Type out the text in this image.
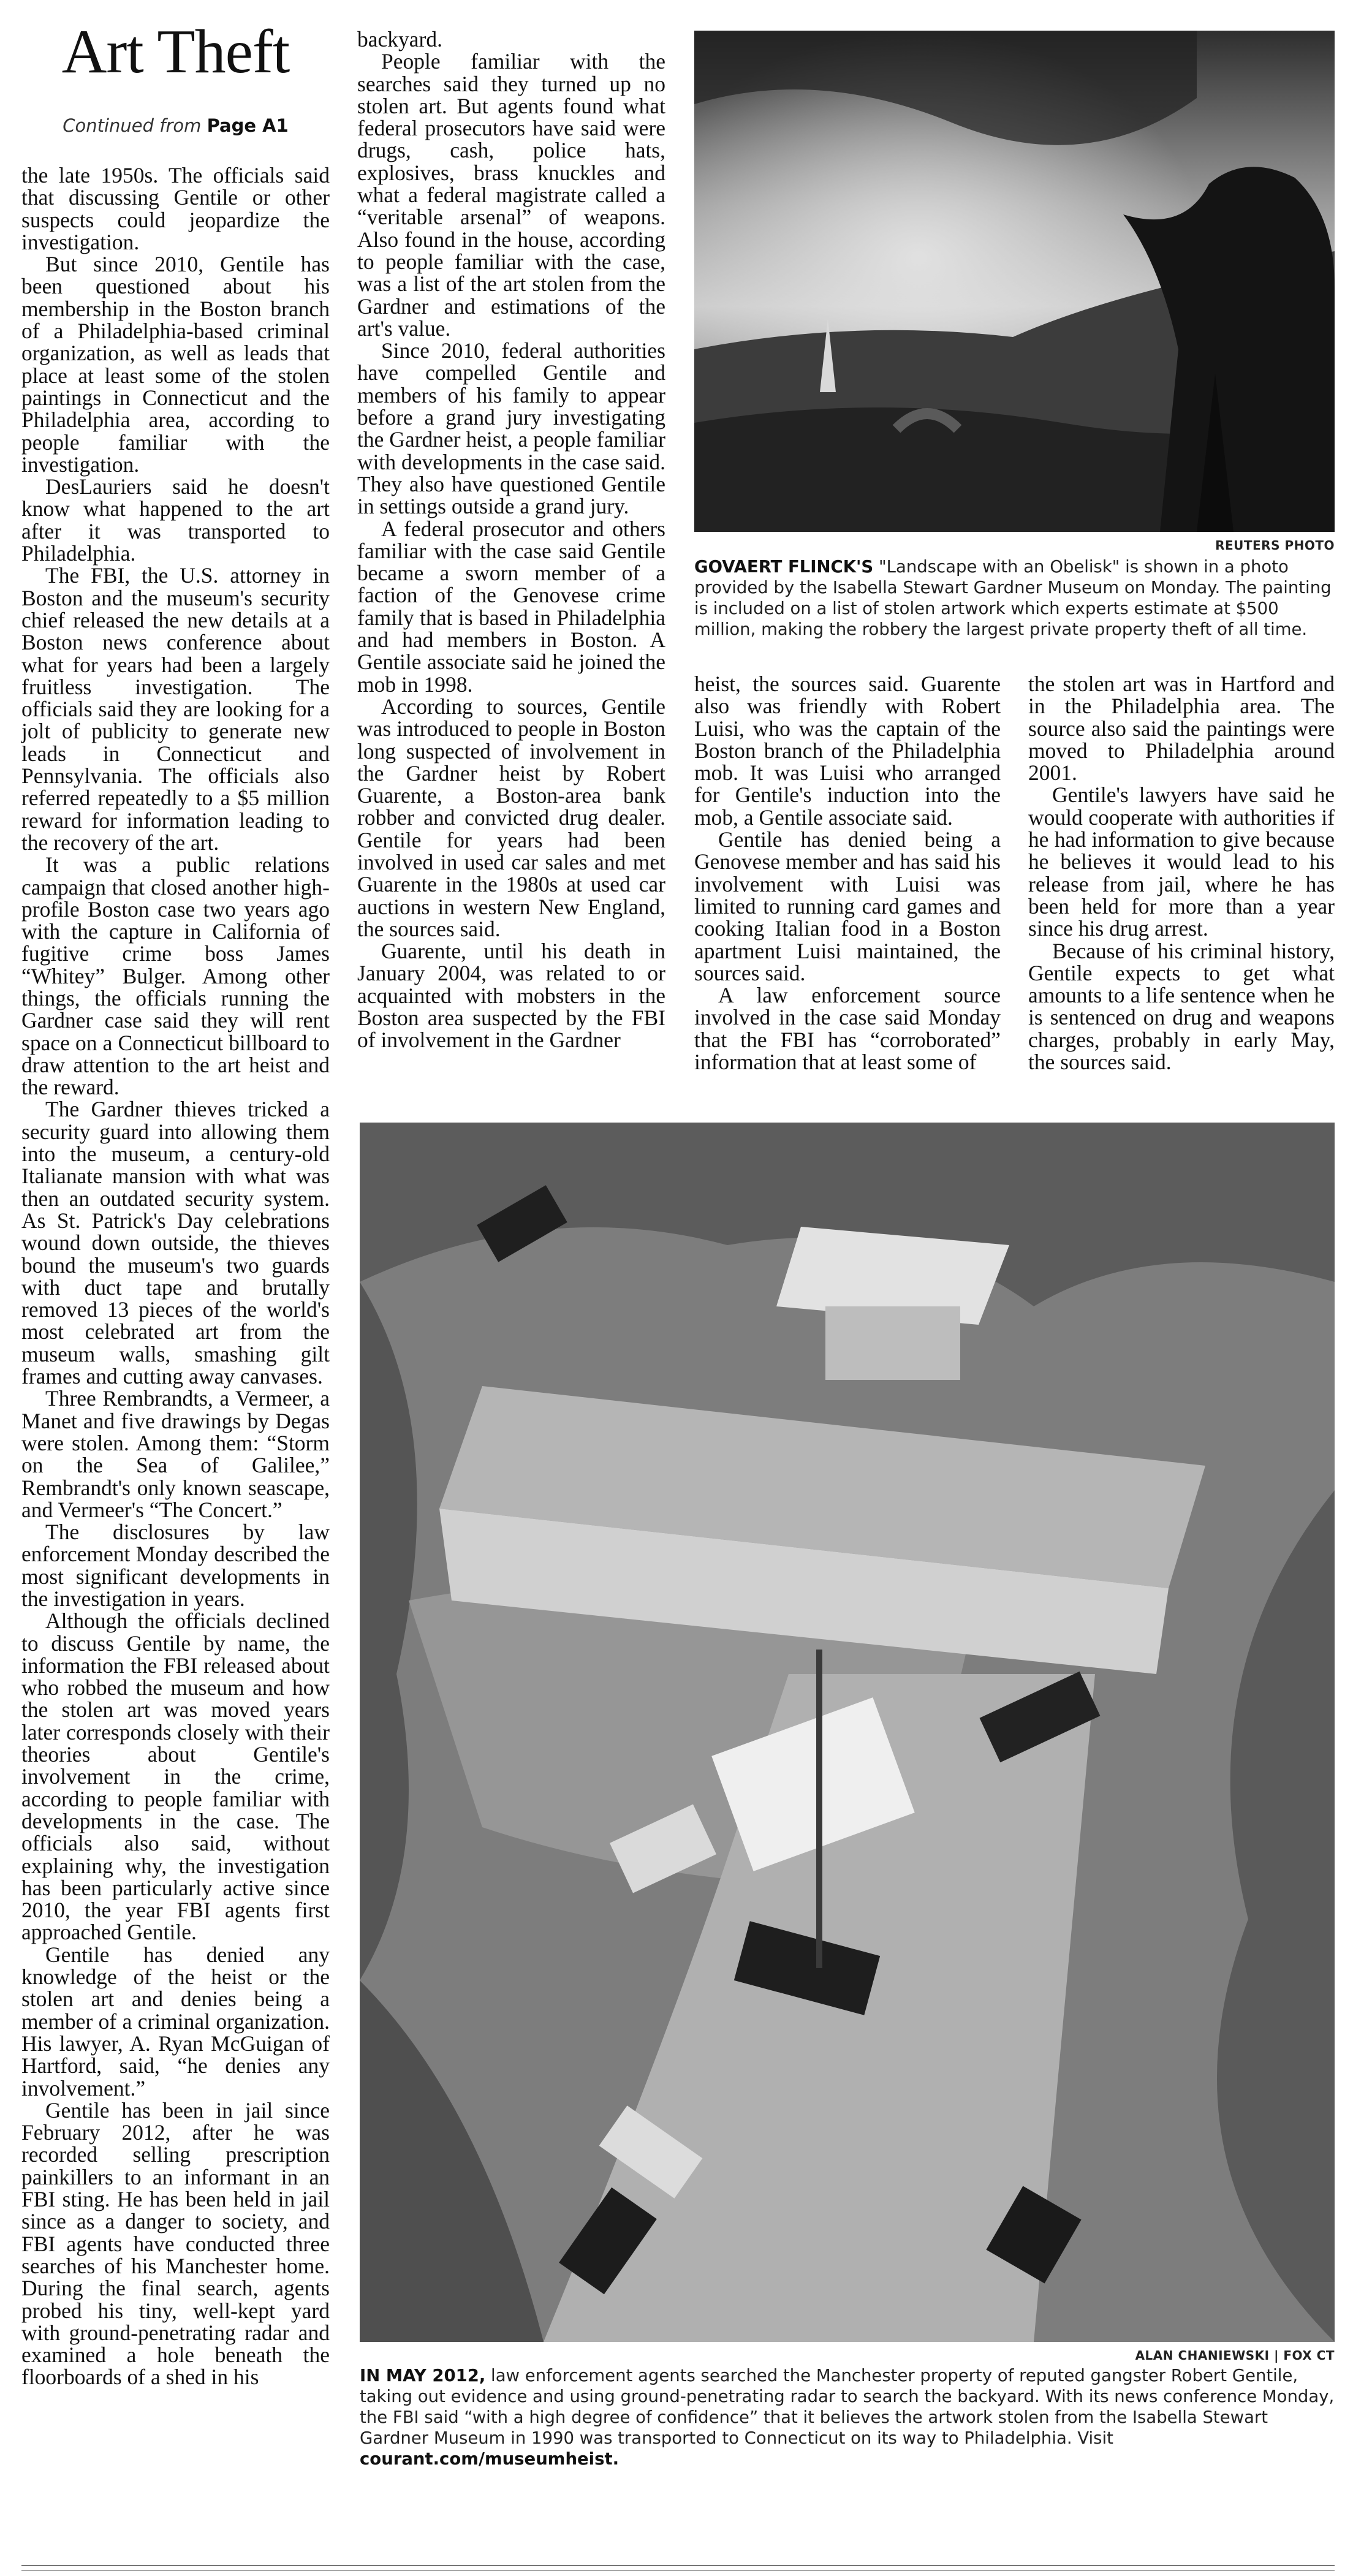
Art Theft
Continued from Page A1

the late 1950s. The officials said that discussing Gentile or other suspects could jeopardize the investigation.

But since 2010, Gentile has been questioned about his membership in the Boston branch of a Philadelphia-based criminal organization, as well as leads that place at least some of the stolen paintings in Connecticut and the Philadelphia area, according to people familiar with the investigation.

DesLauriers said he doesn't know what happened to the art after it was transported to Philadelphia.

The FBI, the U.S. attorney in Boston and the museum's security chief released the new details at a Boston news conference about what for years had been a largely fruitless investigation. The officials said they are looking for a jolt of publicity to generate new leads in Connecticut and Pennsylvania. The officials also referred repeatedly to a $5 million reward for information leading to the recovery of the art.

It was a public relations campaign that closed another high-profile Boston case two years ago with the capture in California of fugitive crime boss James “Whitey” Bulger. Among other things, the officials running the Gardner case said they will rent space on a Connecticut billboard to draw attention to the art heist and the reward.

The Gardner thieves tricked a security guard into allowing them into the museum, a century-old Italianate mansion with what was then an outdated security system. As St. Patrick's Day celebrations wound down outside, the thieves bound the museum's two guards with duct tape and brutally removed 13 pieces of the world's most celebrated art from the museum walls, smashing gilt frames and cutting away canvases.

Three Rembrandts, a Vermeer, a Manet and five drawings by Degas were stolen. Among them: “Storm on the Sea of Galilee,” Rembrandt's only known seascape, and Vermeer's “The Concert.”

The disclosures by law enforcement Monday described the most significant developments in the investigation in years.

Although the officials declined to discuss Gentile by name, the information the FBI released about who robbed the museum and how the stolen art was moved years later corresponds closely with their theories about Gentile's involvement in the crime, according to people familiar with developments in the case. The officials also said, without explaining why, the investigation has been particularly active since 2010, the year FBI agents first approached Gentile.

Gentile has denied any knowledge of the heist or the stolen art and denies being a member of a criminal organization. His lawyer, A. Ryan McGuigan of Hartford, said, “he denies any involvement.”

Gentile has been in jail since February 2012, after he was recorded selling prescription painkillers to an informant in an FBI sting. He has been held in jail since as a danger to society, and FBI agents have conducted three searches of his Manchester home. During the final search, agents probed his tiny, well-kept yard with ground-penetrating radar and examined a hole beneath the floorboards of a shed in his

backyard.

People familiar with the searches said they turned up no stolen art. But agents found what federal prosecutors have said were drugs, cash, police hats, explosives, brass knuckles and what a federal magistrate called a “veritable arsenal” of weapons. Also found in the house, according to people familiar with the case, was a list of the art stolen from the Gardner and estimations of the art's value.

Since 2010, federal authorities have compelled Gentile and members of his family to appear before a grand jury investigating the Gardner heist, a people familiar with developments in the case said. They also have questioned Gentile in settings outside a grand jury.

A federal prosecutor and others familiar with the case said Gentile became a sworn member of a faction of the Genovese crime family that is based in Philadelphia and had members in Boston. A Gentile associate said he joined the mob in 1998.

According to sources, Gentile was introduced to people in Boston long suspected of involvement in the Gardner heist by Robert Guarente, a Boston-area bank robber and convicted drug dealer. Gentile for years had been involved in used car sales and met Guarente in the 1980s at used car auctions in western New England, the sources said.

Guarente, until his death in January 2004, was related to or acquainted with mobsters in the Boston area suspected by the FBI of involvement in the Gardner

REUTERS PHOTO
GOVAERT FLINCK'S "Landscape with an Obelisk" is shown in a photo provided by the Isabella Stewart Gardner Museum on Monday. The painting is included on a list of stolen artwork which experts estimate at $500 million, making the robbery the largest private property theft of all time.

heist, the sources said. Guarente also was friendly with Robert Luisi, who was the captain of the Boston branch of the Philadelphia mob. It was Luisi who arranged for Gentile's induction into the mob, a Gentile associate said.

Gentile has denied being a Genovese member and has said his involvement with Luisi was limited to running card games and cooking Italian food in a Boston apartment Luisi maintained, the sources said.

A law enforcement source involved in the case said Monday that the FBI has “corroborated” information that at least some of

the stolen art was in Hartford and in the Philadelphia area. The source also said the paintings were moved to Philadelphia around 2001.

Gentile's lawyers have said he would cooperate with authorities if he had information to give because he believes it would lead to his release from jail, where he has been held for more than a year since his drug arrest.

Because of his criminal history, Gentile expects to get what amounts to a life sentence when he is sentenced on drug and weapons charges, probably in early May, the sources said.

ALAN CHANIEWSKI | FOX CT
IN MAY 2012, law enforcement agents searched the Manchester property of reputed gangster Robert Gentile, taking out evidence and using ground-penetrating radar to search the backyard. With its news conference Monday, the FBI said “with a high degree of confidence” that it believes the artwork stolen from the Isabella Stewart Gardner Museum in 1990 was transported to Connecticut on its way to Philadelphia. Visit courant.com/museumheist.
